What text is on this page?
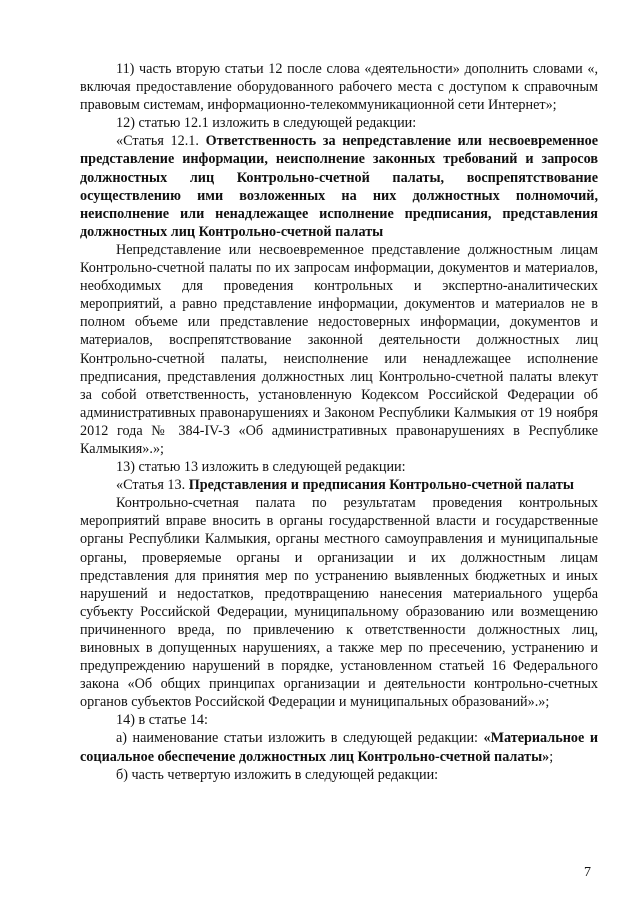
11) часть вторую статьи 12 после слова «деятельности» дополнить словами «, включая предоставление оборудованного рабочего места с доступом к справочным правовым системам, информационно-телекоммуникационной сети Интернет»;

12) статью 12.1 изложить в следующей редакции:

«Статья 12.1. Ответственность за непредставление или несвоевременное представление информации, неисполнение законных требований и запросов должностных лиц Контрольно-счетной палаты, воспрепятствование осуществлению ими возложенных на них должностных полномочий, неисполнение или ненадлежащее исполнение предписания, представления должностных лиц Контрольно-счетной палаты

Непредставление или несвоевременное представление должностным лицам Контрольно-счетной палаты по их запросам информации, документов и материалов, необходимых для проведения контрольных и экспертно-аналитических мероприятий, а равно представление информации, документов и материалов не в полном объеме или представление недостоверных информации, документов и материалов, воспрепятствование законной деятельности должностных лиц Контрольно-счетной палаты, неисполнение или ненадлежащее исполнение предписания, представления должностных лиц Контрольно-счетной палаты влекут за собой ответственность, установленную Кодексом Российской Федерации об административных правонарушениях и Законом Республики Калмыкия от 19 ноября 2012 года № 384-IV-З «Об административных правонарушениях в Республике Калмыкия».»;

13) статью 13 изложить в следующей редакции:

«Статья 13. Представления и предписания Контрольно-счетной палаты

Контрольно-счетная палата по результатам проведения контрольных мероприятий вправе вносить в органы государственной власти и государственные органы Республики Калмыкия, органы местного самоуправления и муниципальные органы, проверяемые органы и организации и их должностным лицам представления для принятия мер по устранению выявленных бюджетных и иных нарушений и недостатков, предотвращению нанесения материального ущерба субъекту Российской Федерации, муниципальному образованию или возмещению причиненного вреда, по привлечению к ответственности должностных лиц, виновных в допущенных нарушениях, а также мер по пресечению, устранению и предупреждению нарушений в порядке, установленном статьей 16 Федерального закона «Об общих принципах организации и деятельности контрольно-счетных органов субъектов Российской Федерации и муниципальных образований».»;

14) в статье 14:

а) наименование статьи изложить в следующей редакции: «Материальное и социальное обеспечение должностных лиц Контрольно-счетной палаты»;

б) часть четвертую изложить в следующей редакции:

7
